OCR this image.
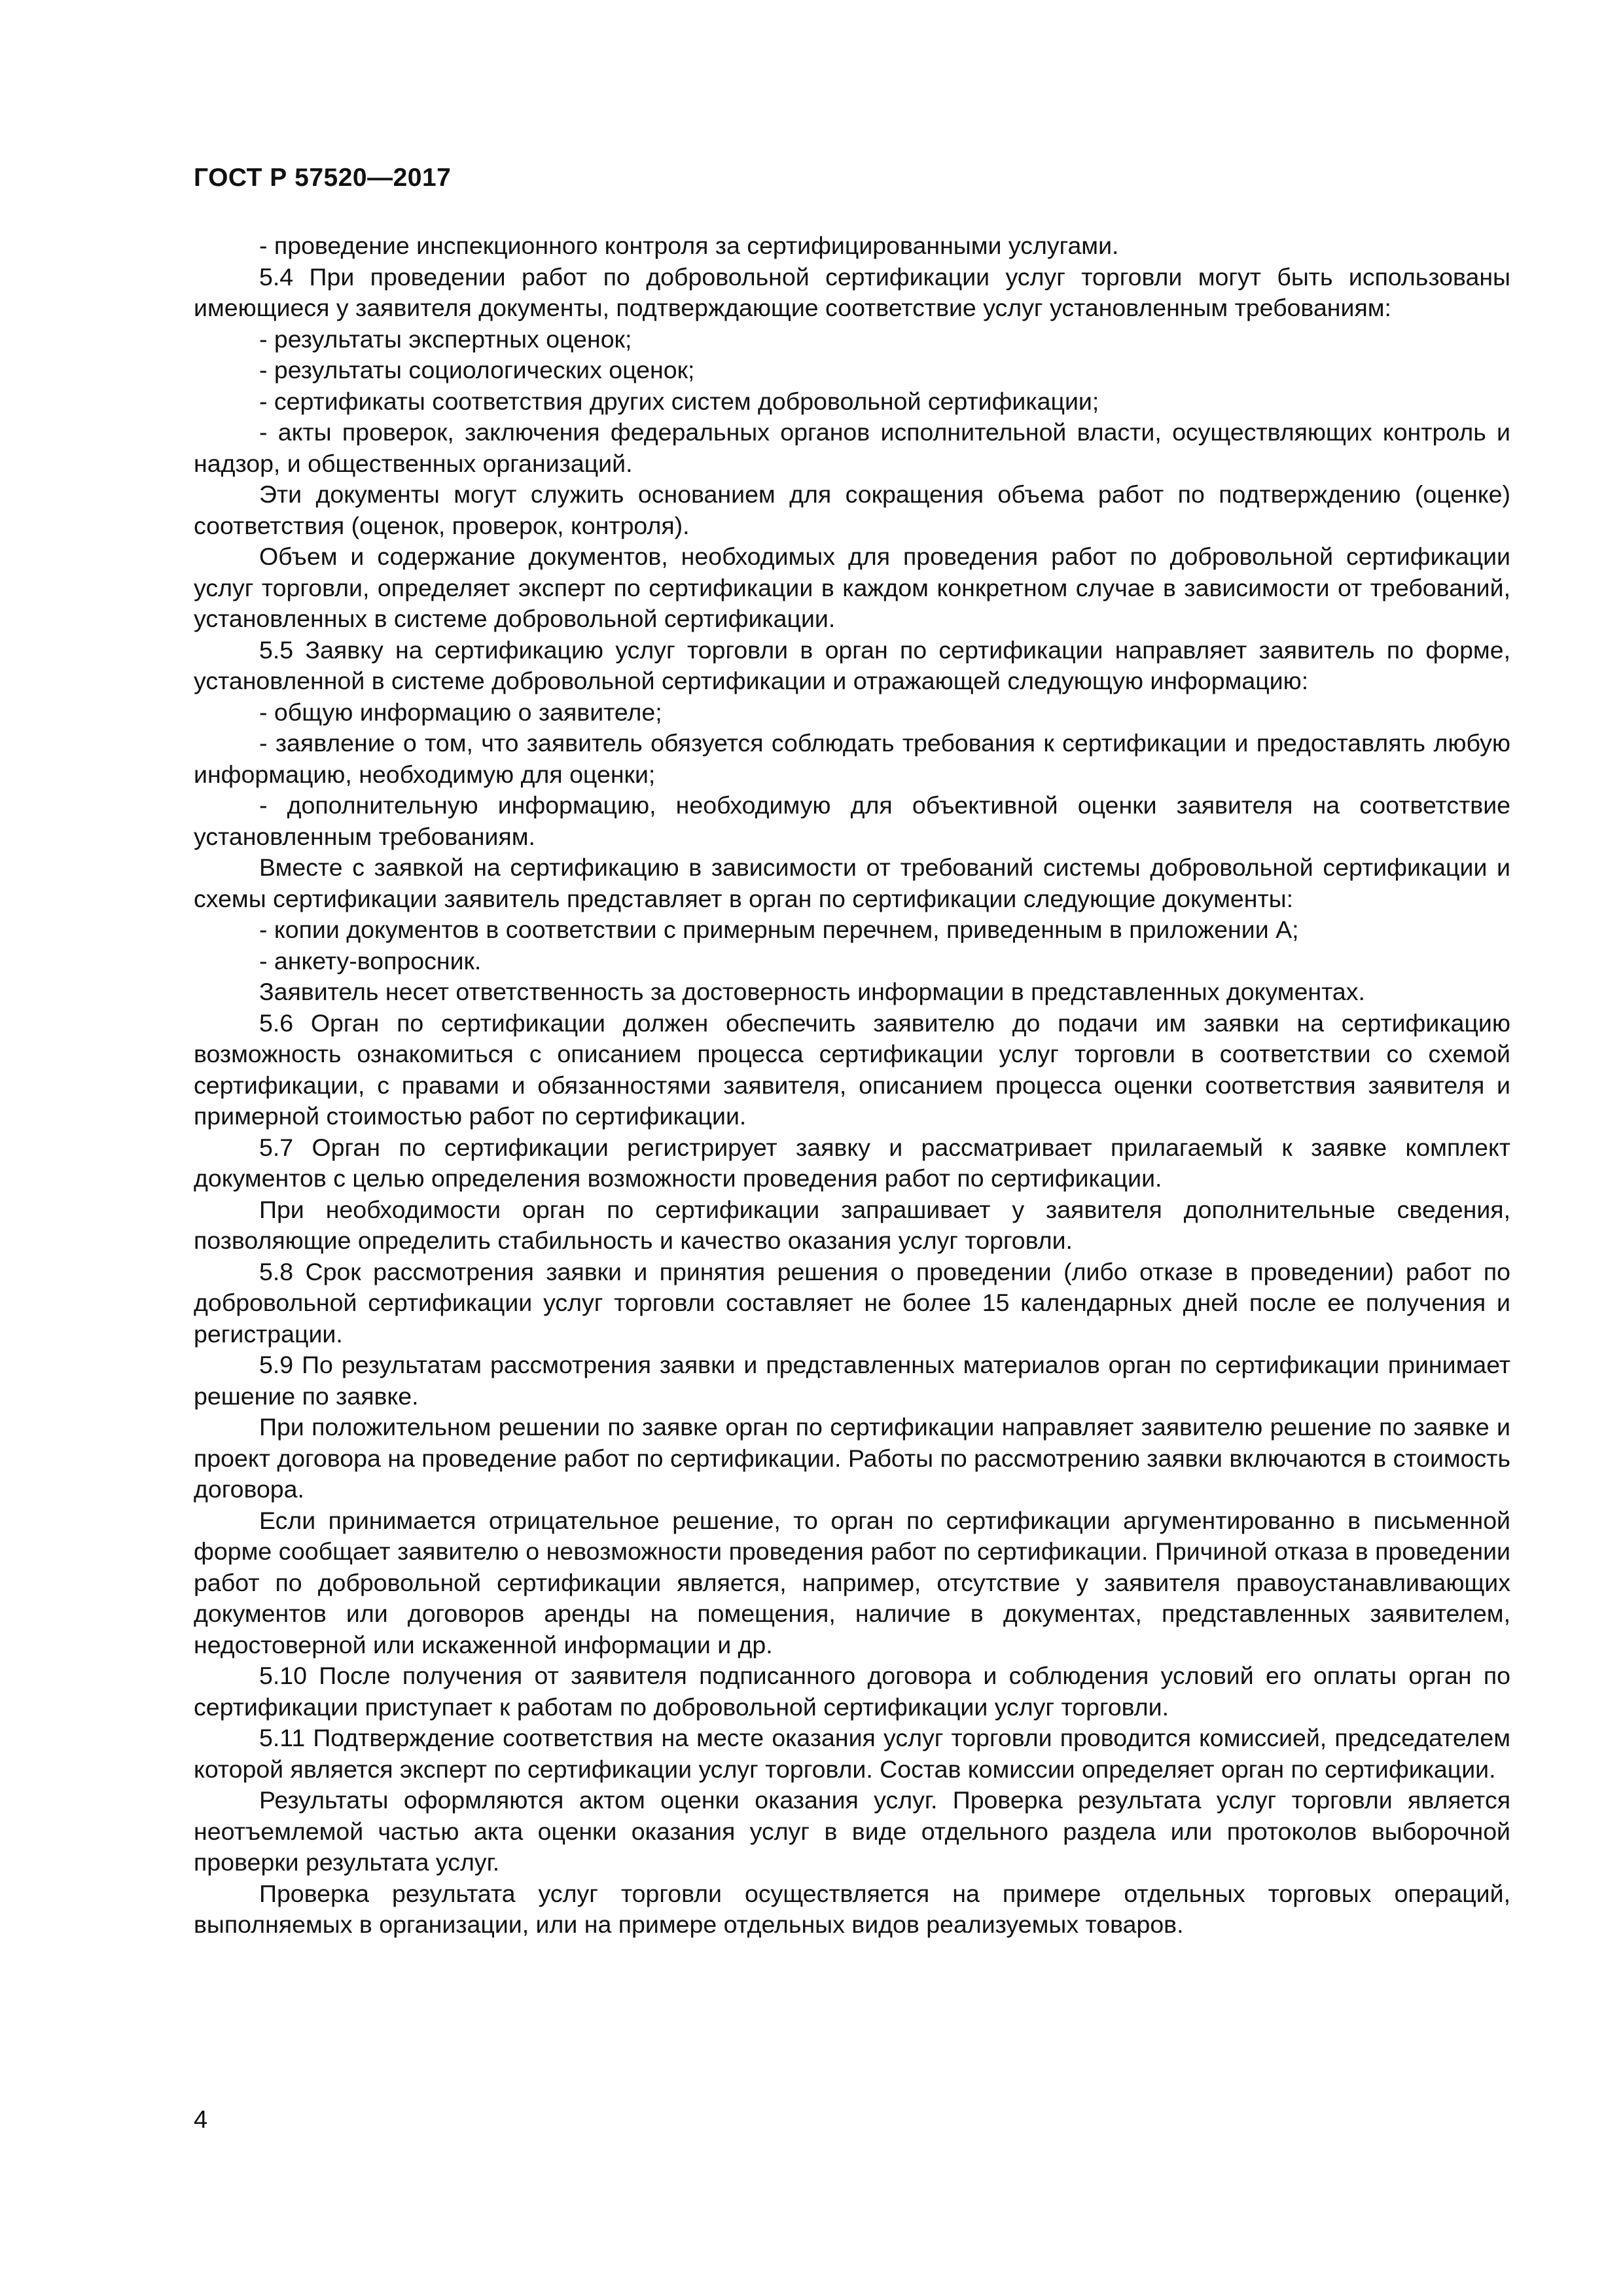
ГОСТ Р 57520—2017

- проведение инспекционного контроля за сертифицированными услугами.

5.4 При проведении работ по добровольной сертификации услуг торговли могут быть использованы имеющиеся у заявителя документы, подтверждающие соответствие услуг установленным требованиям:

- результаты экспертных оценок;

- результаты социологических оценок;

- сертификаты соответствия других систем добровольной сертификации;

- акты проверок, заключения федеральных органов исполнительной власти, осуществляющих контроль и надзор, и общественных организаций.

Эти документы могут служить основанием для сокращения объема работ по подтверждению (оценке) соответствия (оценок, проверок, контроля).

Объем и содержание документов, необходимых для проведения работ по добровольной сертификации услуг торговли, определяет эксперт по сертификации в каждом конкретном случае в зависимости от требований, установленных в системе добровольной сертификации.

5.5 Заявку на сертификацию услуг торговли в орган по сертификации направляет заявитель по форме, установленной в системе добровольной сертификации и отражающей следующую информацию:

- общую информацию о заявителе;

- заявление о том, что заявитель обязуется соблюдать требования к сертификации и предоставлять любую информацию, необходимую для оценки;

- дополнительную информацию, необходимую для объективной оценки заявителя на соответствие установленным требованиям.

Вместе с заявкой на сертификацию в зависимости от требований системы добровольной сертификации и схемы сертификации заявитель представляет в орган по сертификации следующие документы:

- копии документов в соответствии с примерным перечнем, приведенным в приложении А;

- анкету-вопросник.

Заявитель несет ответственность за достоверность информации в представленных документах.

5.6 Орган по сертификации должен обеспечить заявителю до подачи им заявки на сертификацию возможность ознакомиться с описанием процесса сертификации услуг торговли в соответствии со схемой сертификации, с правами и обязанностями заявителя, описанием процесса оценки соответствия заявителя и примерной стоимостью работ по сертификации.

5.7 Орган по сертификации регистрирует заявку и рассматривает прилагаемый к заявке комплект документов с целью определения возможности проведения работ по сертификации.

При необходимости орган по сертификации запрашивает у заявителя дополнительные сведения, позволяющие определить стабильность и качество оказания услуг торговли.

5.8 Срок рассмотрения заявки и принятия решения о проведении (либо отказе в проведении) работ по добровольной сертификации услуг торговли составляет не более 15 календарных дней после ее получения и регистрации.

5.9 По результатам рассмотрения заявки и представленных материалов орган по сертификации принимает решение по заявке.

При положительном решении по заявке орган по сертификации направляет заявителю решение по заявке и проект договора на проведение работ по сертификации. Работы по рассмотрению заявки включаются в стоимость договора.

Если принимается отрицательное решение, то орган по сертификации аргументированно в письменной форме сообщает заявителю о невозможности проведения работ по сертификации. Причиной отказа в проведении работ по добровольной сертификации является, например, отсутствие у заявителя правоустанавливающих документов или договоров аренды на помещения, наличие в документах, представленных заявителем, недостоверной или искаженной информации и др.

5.10 После получения от заявителя подписанного договора и соблюдения условий его оплаты орган по сертификации приступает к работам по добровольной сертификации услуг торговли.

5.11 Подтверждение соответствия на месте оказания услуг торговли проводится комиссией, председателем которой является эксперт по сертификации услуг торговли. Состав комиссии определяет орган по сертификации.

Результаты оформляются актом оценки оказания услуг. Проверка результата услуг торговли является неотъемлемой частью акта оценки оказания услуг в виде отдельного раздела или протоколов выборочной проверки результата услуг.

Проверка результата услуг торговли осуществляется на примере отдельных торговых операций, выполняемых в организации, или на примере отдельных видов реализуемых товаров.

4
